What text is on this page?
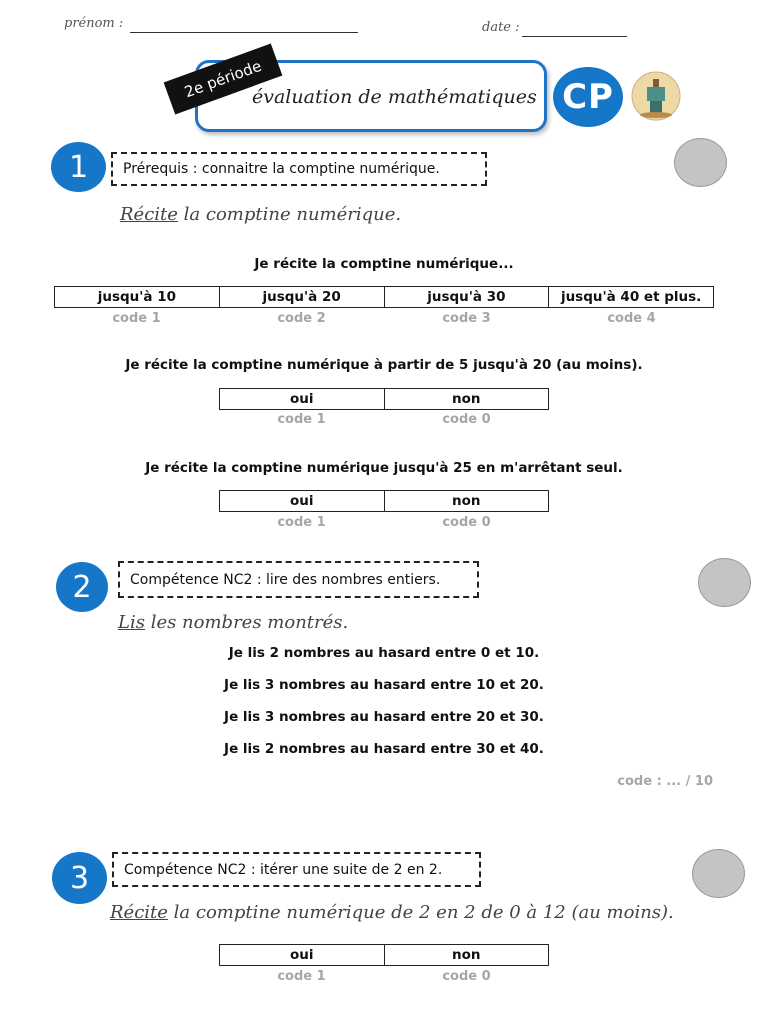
prénom :	date :
évaluation de mathématiques
2e période	CP
1 Prérequis : connaitre la comptine numérique.
Récite la comptine numérique.
Je récite la comptine numérique...
jusqu'à 10	jusqu'à 20	jusqu'à 30	jusqu'à 40 et plus.
code 1	code 2	code 3	code 4
Je récite la comptine numérique à partir de 5 jusqu'à 20 (au moins).
oui	non
code 1	code 0
Je récite la comptine numérique jusqu'à 25 en m'arrêtant seul.
oui	non
code 1	code 0
2	Compétence NC2 : lire des nombres entiers.
Lis les nombres montrés.
Je lis 2 nombres au hasard entre 0 et 10.
Je lis 3 nombres au hasard entre 10 et 20.
Je lis 3 nombres au hasard entre 20 et 30.
Je lis 2 nombres au hasard entre 30 et 40.
code : ... / 10
3 Compétence NC2 : itérer une suite de 2 en 2.
Récite la comptine numérique de 2 en 2 de 0 à 12 (au moins).
oui	non
code 1	code 0
